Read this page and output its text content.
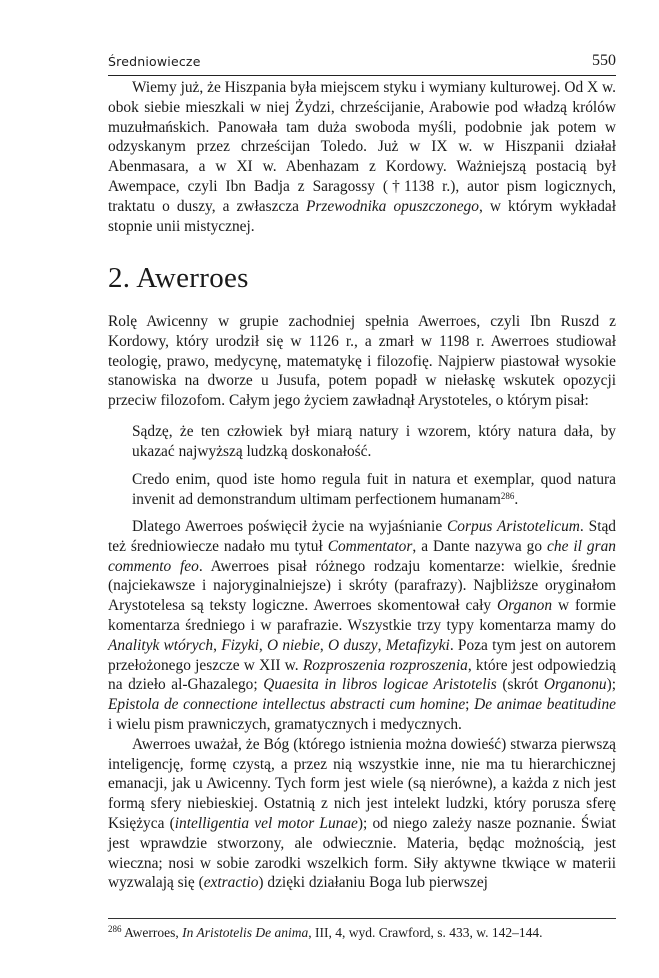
Średniowiecze	550

Wiemy już, że Hiszpania była miejscem styku i wymiany kulturowej. Od X w. obok siebie mieszkali w niej Żydzi, chrześcijanie, Arabowie pod władzą królów muzułmańskich. Panowała tam duża swoboda myśli, podobnie jak potem w odzyskanym przez chrześcijan Toledo. Już w IX w. w Hiszpanii działał Abenmasara, a w XI w. Abenhazam z Kordowy. Ważniejszą postacią był Awempace, czyli Ibn Badja z Saragossy (†1138 r.), autor pism logicznych, traktatu o duszy, a zwłaszcza Przewodnika opuszczonego, w którym wykładał stopnie unii mistycznej.

2. Awerroes

Rolę Awicenny w grupie zachodniej spełnia Awerroes, czyli Ibn Ruszd z Kordowy, który urodził się w 1126 r., a zmarł w 1198 r. Awerroes studiował teologię, prawo, medycynę, matematykę i filozofię. Najpierw piastował wysokie stanowiska na dworze u Jusufa, potem popadł w niełaskę wskutek opozycji przeciw filozofom. Całym jego życiem zawładnął Arystoteles, o którym pisał:

Sądzę, że ten człowiek był miarą natury i wzorem, który natura dała, by ukazać najwyższą ludzką doskonałość.
Credo enim, quod iste homo regula fuit in natura et exemplar, quod natura invenit ad demonstrandum ultimam perfectionem humanam$^{286}$.

Dlatego Awerroes poświęcił życie na wyjaśnianie Corpus Aristotelicum. Stąd też średniowiecze nadało mu tytuł Commentator, a Dante nazywa go che il gran commento feo. Awerroes pisał różnego rodzaju komentarze: wielkie, średnie (najciekawsze i najoryginalniejsze) i skróty (parafrazy). Najbliższe oryginałom Arystotelesa są teksty logiczne. Awerroes skomentował cały Organon w formie komentarza średniego i w parafrazie. Wszystkie trzy typy komentarza mamy do Analityk wtórych, Fizyki, O niebie, O duszy, Metafizyki. Poza tym jest on autorem przełożonego jeszcze w XII w. Rozproszenia rozproszenia, które jest odpowiedzią na dzieło al-Ghazalego; Quaesita in libros logicae Aristotelis (skrót Organonu); Epistola de connectione intellectus abstracti cum homine; De animae beatitudine i wielu pism prawniczych, gramatycznych i medycznych.

Awerroes uważał, że Bóg (którego istnienia można dowieść) stwarza pierwszą inteligencję, formę czystą, a przez nią wszystkie inne, nie ma tu hierarchicznej emanacji, jak u Awicenny. Tych form jest wiele (są nierówne), a każda z nich jest formą sfery niebieskiej. Ostatnią z nich jest intelekt ludzki, który porusza sferę Księżyca (intelligentia vel motor Lunae); od niego zależy nasze poznanie. Świat jest wprawdzie stworzony, ale odwiecznie. Materia, będąc możnością, jest wieczna; nosi w sobie zarodki wszelkich form. Siły aktywne tkwiące w materii wyzwalają się (extractio) dzięki działaniu Boga lub pierwszej

$^{286}$ Awerroes, In Aristotelis De anima, III, 4, wyd. Crawford, s. 433, w. 142–144.
